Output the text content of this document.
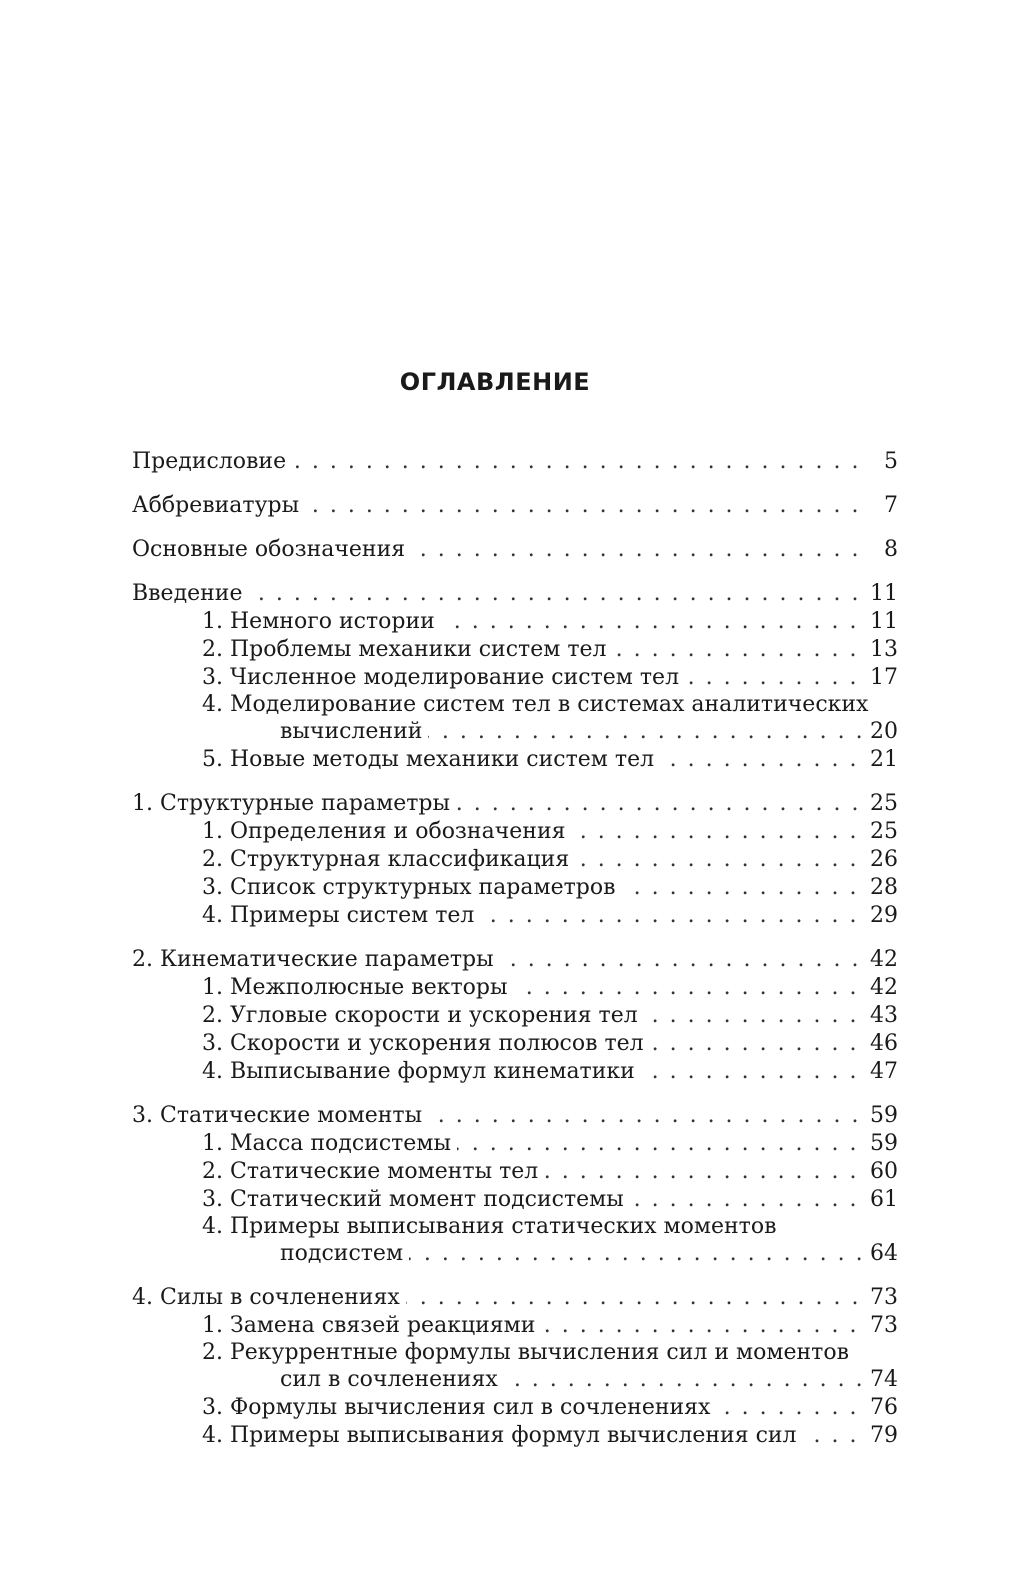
ОГЛАВЛЕНИЕ
. . . Предисловие	5
. . . Аббревиатуры	7
. . . Основные обозначения	8
. . . Введение	11
. . . 1. Немного истории	11
. . . 2. Проблемы механики систем тел	13
. . . 3. Численное моделирование систем тел	17
4. Моделирование систем тел в системах аналитических
. . . вычислений	20
. . . 5. Новые методы механики систем тел	21
. . . 1. Структурные параметры	25
. . . 1. Определения и обозначения	25
. . . 2. Структурная классификация	26
. . . 3. Список структурных параметров	28
. . . 4. Примеры систем тел	29
. . . 2. Кинематические параметры	42
. . . 1. Межполюсные векторы	42
. . . 2. Угловые скорости и ускорения тел	43
. . . 3. Скорости и ускорения полюсов тел	46
. . . 4. Выписывание формул кинематики	47
. . . 3. Статические моменты	59
. . . 1. Масса подсистемы	59
. . . 2. Статические моменты тел	60
. . . 3. Статический момент подсистемы	61
4. Примеры выписывания статических моментов
. . . подсистем	64
. . . 4. Силы в сочленениях	73
. . . 1. Замена связей реакциями	73
2. Рекуррентные формулы вычисления сил и моментов
. . . сил в сочленениях	74
. . . 3. Формулы вычисления сил в сочленениях	76
. . . 4. Примеры выписывания формул вычисления сил	79
